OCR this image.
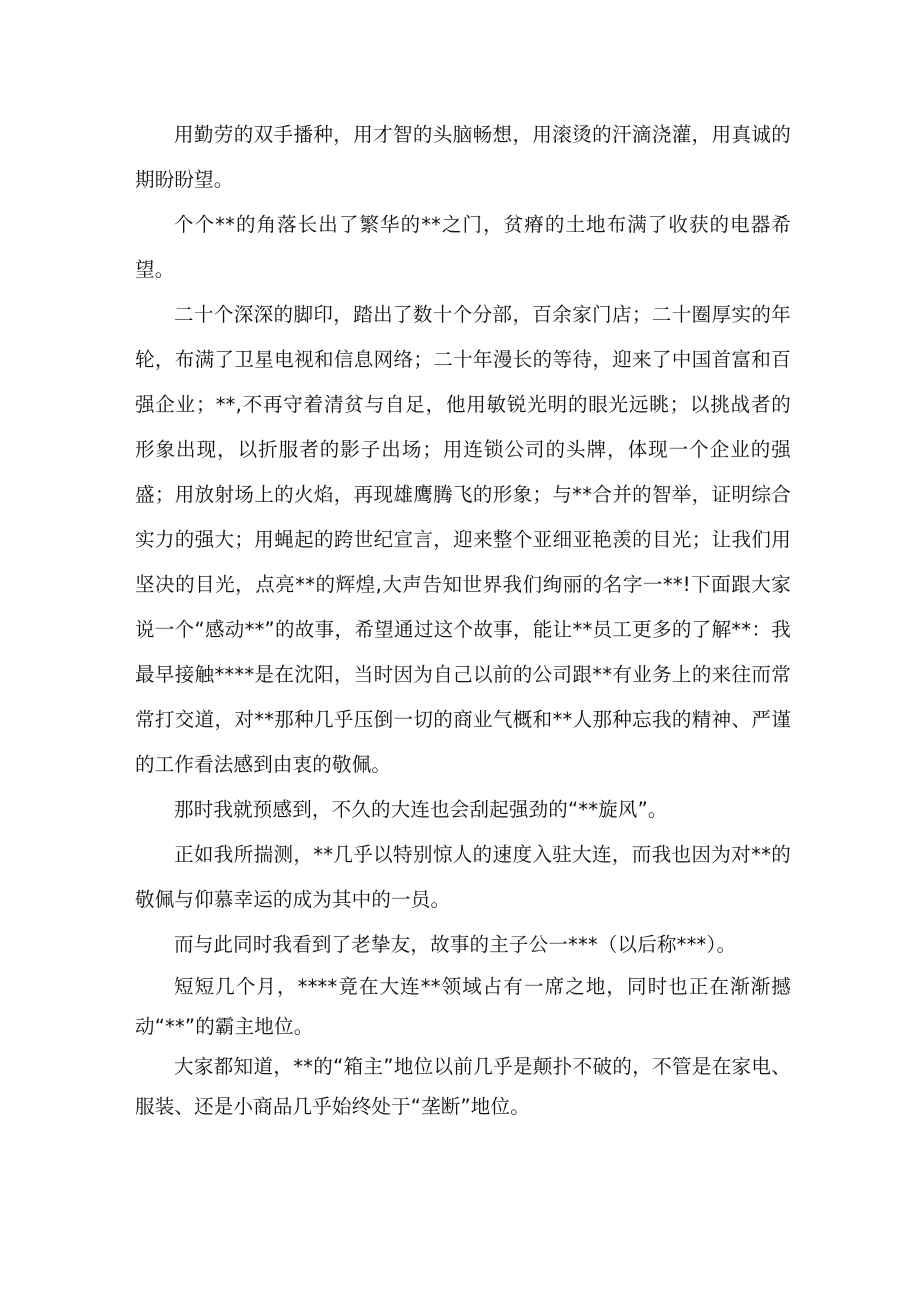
用勤劳的双手播种，用才智的头脑畅想，用滚烫的汗滴浇灌，用真诚的期盼盼望。

个个**的角落长出了繁华的**之门，贫瘠的土地布满了收获的电器希望。

二十个深深的脚印，踏出了数十个分部，百余家门店；二十圈厚实的年轮，布满了卫星电视和信息网络；二十年漫长的等待，迎来了中国首富和百强企业；**,不再守着清贫与自足，他用敏锐光明的眼光远眺；以挑战者的形象出现，以折服者的影子出场；用连锁公司的头牌，体现一个企业的强盛；用放射场上的火焰，再现雄鹰腾飞的形象；与**合并的智举，证明综合实力的强大；用蝇起的跨世纪宣言，迎来整个亚细亚艳羡的目光；让我们用坚决的目光，点亮**的辉煌,大声告知世界我们绚丽的名字一**!下面跟大家说一个“感动**”的故事，希望通过这个故事，能让**员工更多的了解**：我最早接触****是在沈阳，当时因为自己以前的公司跟**有业务上的来往而常常打交道，对**那种几乎压倒一切的商业气概和**人那种忘我的精神、严谨的工作看法感到由衷的敬佩。

那时我就预感到，不久的大连也会刮起强劲的“**旋风”。

正如我所揣测，**几乎以特别惊人的速度入驻大连，而我也因为对**的敬佩与仰慕幸运的成为其中的一员。

而与此同时我看到了老挚友，故事的主子公一***（以后称***）。

短短几个月，****竟在大连**领域占有一席之地，同时也正在渐渐撼动“**”的霸主地位。

大家都知道，**的“箱主”地位以前几乎是颠扑不破的，不管是在家电、服装、还是小商品几乎始终处于“垄断”地位。
